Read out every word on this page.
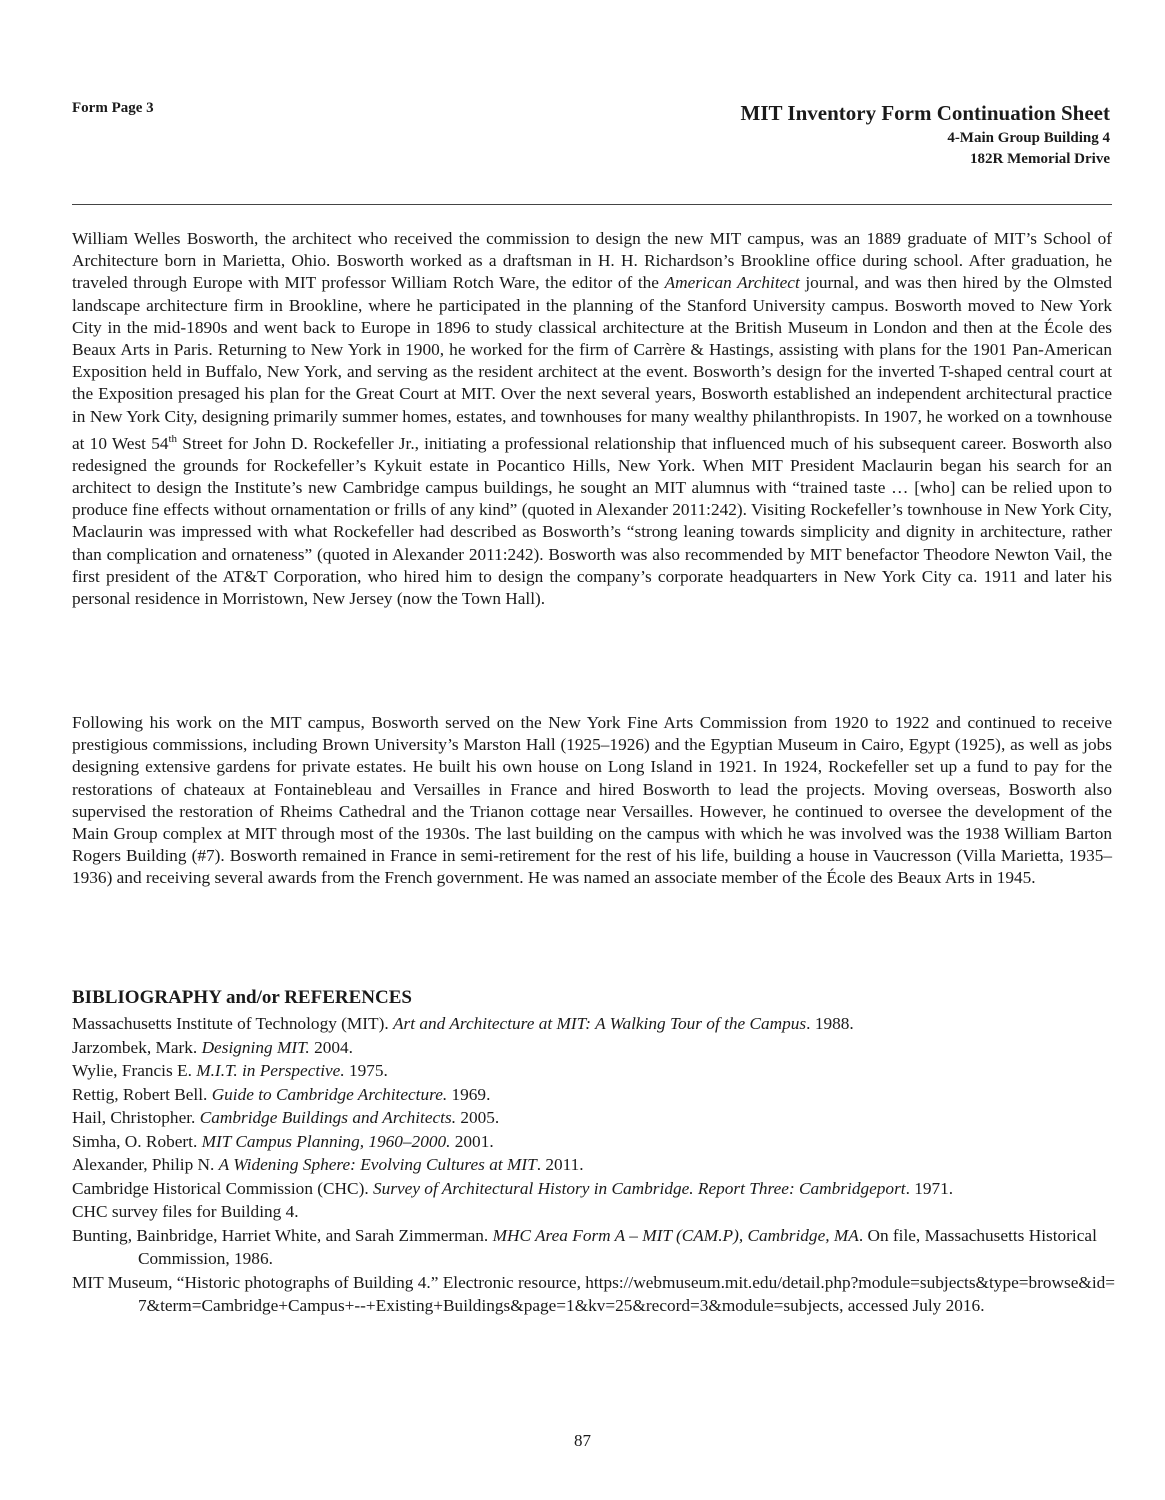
Form Page 3	MIT Inventory Form Continuation Sheet
4-Main Group Building 4
182R Memorial Drive
William Welles Bosworth, the architect who received the commission to design the new MIT campus, was an 1889 graduate of MIT’s School of Architecture born in Marietta, Ohio. Bosworth worked as a draftsman in H. H. Richardson’s Brookline office during school. After graduation, he traveled through Europe with MIT professor William Rotch Ware, the editor of the American Architect journal, and was then hired by the Olmsted landscape architecture firm in Brookline, where he participated in the planning of the Stanford University campus. Bosworth moved to New York City in the mid-1890s and went back to Europe in 1896 to study classical architecture at the British Museum in London and then at the École des Beaux Arts in Paris. Returning to New York in 1900, he worked for the firm of Carrère & Hastings, assisting with plans for the 1901 Pan-American Exposition held in Buffalo, New York, and serving as the resident architect at the event. Bosworth’s design for the inverted T-shaped central court at the Exposition presaged his plan for the Great Court at MIT. Over the next several years, Bosworth established an independent architectural practice in New York City, designing primarily summer homes, estates, and townhouses for many wealthy philanthropists. In 1907, he worked on a townhouse at 10 West 54th Street for John D. Rockefeller Jr., initiating a professional relationship that influenced much of his subsequent career. Bosworth also redesigned the grounds for Rockefeller’s Kykuit estate in Pocantico Hills, New York. When MIT President Maclaurin began his search for an architect to design the Institute’s new Cambridge campus buildings, he sought an MIT alumnus with “trained taste … [who] can be relied upon to produce fine effects without ornamentation or frills of any kind” (quoted in Alexander 2011:242). Visiting Rockefeller’s townhouse in New York City, Maclaurin was impressed with what Rockefeller had described as Bosworth’s “strong leaning towards simplicity and dignity in architecture, rather than complication and ornateness” (quoted in Alexander 2011:242). Bosworth was also recommended by MIT benefactor Theodore Newton Vail, the first president of the AT&T Corporation, who hired him to design the company’s corporate headquarters in New York City ca. 1911 and later his personal residence in Morristown, New Jersey (now the Town Hall).
Following his work on the MIT campus, Bosworth served on the New York Fine Arts Commission from 1920 to 1922 and continued to receive prestigious commissions, including Brown University’s Marston Hall (1925–1926) and the Egyptian Museum in Cairo, Egypt (1925), as well as jobs designing extensive gardens for private estates. He built his own house on Long Island in 1921. In 1924, Rockefeller set up a fund to pay for the restorations of chateaux at Fontainebleau and Versailles in France and hired Bosworth to lead the projects. Moving overseas, Bosworth also supervised the restoration of Rheims Cathedral and the Trianon cottage near Versailles. However, he continued to oversee the development of the Main Group complex at MIT through most of the 1930s. The last building on the campus with which he was involved was the 1938 William Barton Rogers Building (#7). Bosworth remained in France in semi-retirement for the rest of his life, building a house in Vaucresson (Villa Marietta, 1935–1936) and receiving several awards from the French government. He was named an associate member of the École des Beaux Arts in 1945.
BIBLIOGRAPHY and/or REFERENCES
Massachusetts Institute of Technology (MIT). Art and Architecture at MIT: A Walking Tour of the Campus. 1988.
Jarzombek, Mark. Designing MIT. 2004.
Wylie, Francis E. M.I.T. in Perspective. 1975.
Rettig, Robert Bell. Guide to Cambridge Architecture. 1969.
Hail, Christopher. Cambridge Buildings and Architects. 2005.
Simha, O. Robert. MIT Campus Planning, 1960–2000. 2001.
Alexander, Philip N. A Widening Sphere: Evolving Cultures at MIT. 2011.
Cambridge Historical Commission (CHC). Survey of Architectural History in Cambridge. Report Three: Cambridgeport. 1971.
CHC survey files for Building 4.
Bunting, Bainbridge, Harriet White, and Sarah Zimmerman. MHC Area Form A – MIT (CAM.P), Cambridge, MA. On file, Massachusetts Historical Commission, 1986.
MIT Museum, “Historic photographs of Building 4.” Electronic resource, https://webmuseum.mit.edu/detail.php?module=subjects&type=browse&id=7&term=Cambridge+Campus+--+Existing+Buildings&page=1&kv=25&record=3&module=subjects, accessed July 2016.
87
